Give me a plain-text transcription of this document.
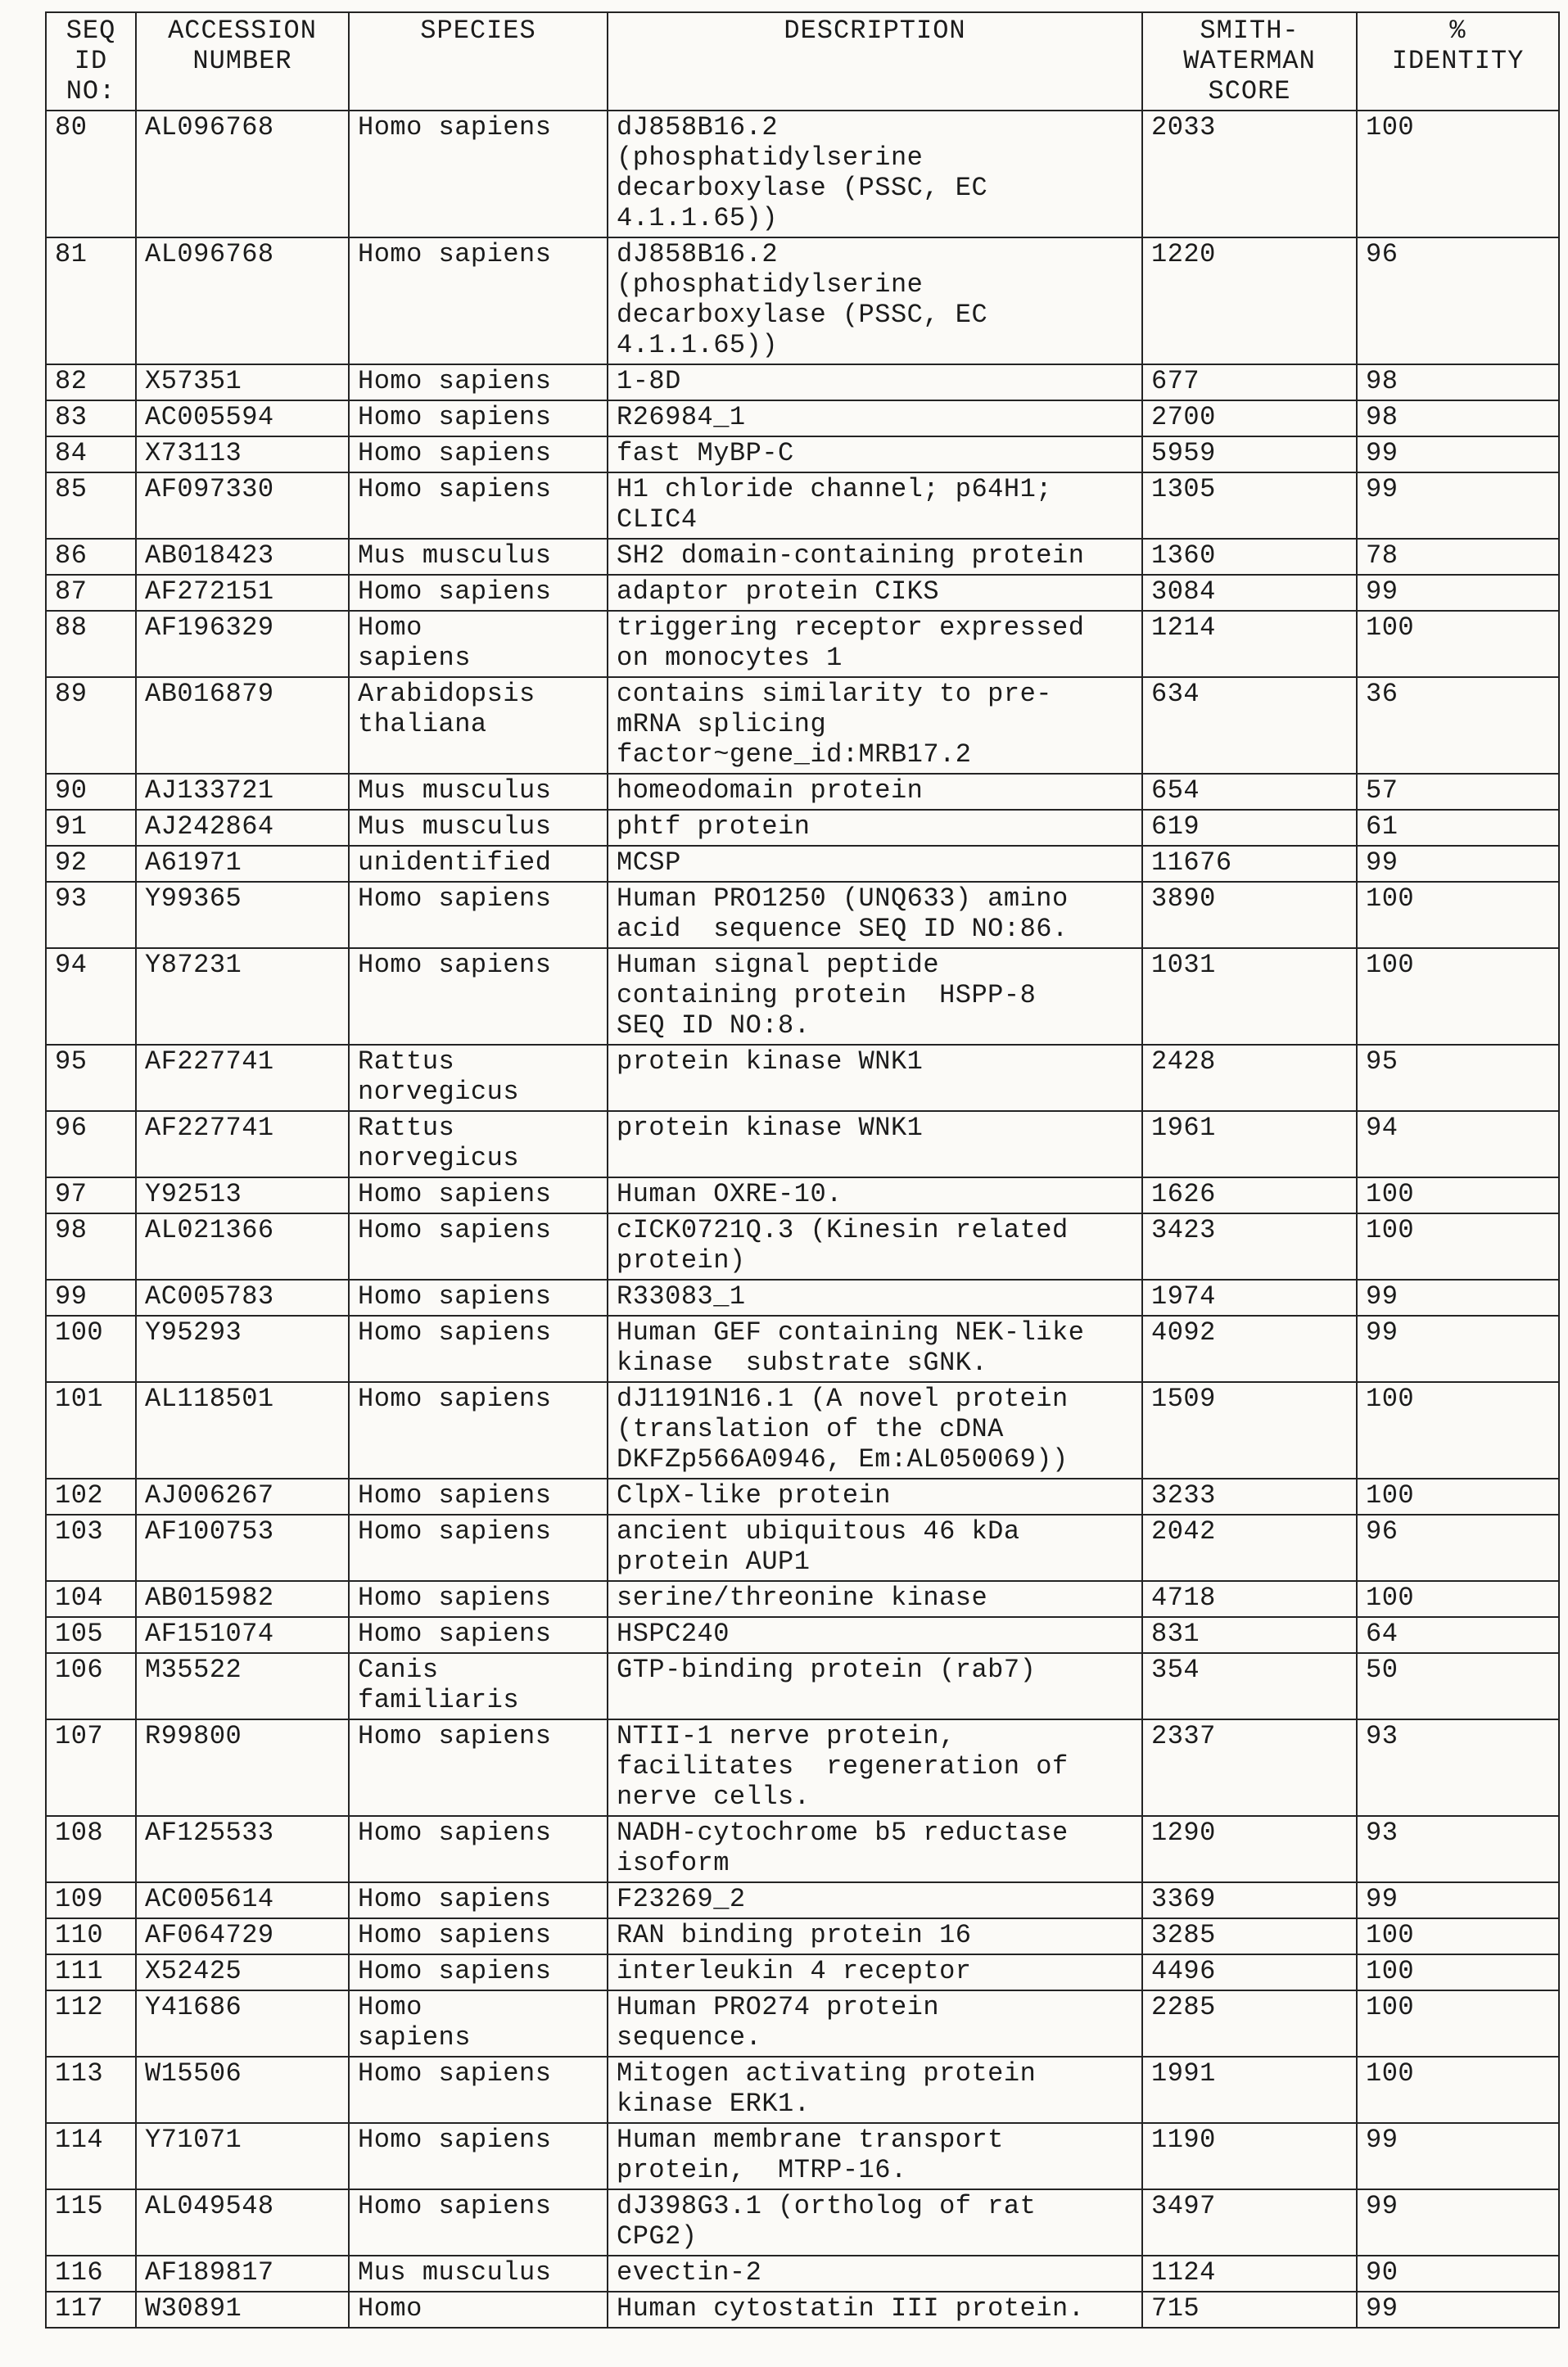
SEQ
ID
NO:	ACCESSION
NUMBER	SPECIES	DESCRIPTION	SMITH-
WATERMAN
SCORE	%
IDENTITY
80	AL096768	Homo sapiens	dJ858B16.2
(phosphatidylserine
decarboxylase (PSSC, EC
4.1.1.65))	2033	100
81	AL096768	Homo sapiens	dJ858B16.2
(phosphatidylserine
decarboxylase (PSSC, EC
4.1.1.65))	1220	96
82	X57351	Homo sapiens	1-8D	677	98
83	AC005594	Homo sapiens	R26984_1	2700	98
84	X73113	Homo sapiens	fast MyBP-C	5959	99
85	AF097330	Homo sapiens	H1 chloride channel; p64H1;
CLIC4	1305	99
86	AB018423	Mus musculus	SH2 domain-containing protein	1360	78
87	AF272151	Homo sapiens	adaptor protein CIKS	3084	99
88	AF196329	Homo
sapiens	triggering receptor expressed
on monocytes 1	1214	100
89	AB016879	Arabidopsis
thaliana	contains similarity to pre-
mRNA splicing
factor~gene_id:MRB17.2	634	36
90	AJ133721	Mus musculus	homeodomain protein	654	57
91	AJ242864	Mus musculus	phtf protein	619	61
92	A61971	unidentified	MCSP	11676	99
93	Y99365	Homo sapiens	Human PRO1250 (UNQ633) amino
acid  sequence SEQ ID NO:86.	3890	100
94	Y87231	Homo sapiens	Human signal peptide
containing protein  HSPP-8
SEQ ID NO:8.	1031	100
95	AF227741	Rattus
norvegicus	protein kinase WNK1	2428	95
96	AF227741	Rattus
norvegicus	protein kinase WNK1	1961	94
97	Y92513	Homo sapiens	Human OXRE-10.	1626	100
98	AL021366	Homo sapiens	cICK0721Q.3 (Kinesin related
protein)	3423	100
99	AC005783	Homo sapiens	R33083_1	1974	99
100	Y95293	Homo sapiens	Human GEF containing NEK-like
kinase  substrate sGNK.	4092	99
101	AL118501	Homo sapiens	dJ1191N16.1 (A novel protein
(translation of the cDNA
DKFZp566A0946, Em:AL050069))	1509	100
102	AJ006267	Homo sapiens	ClpX-like protein	3233	100
103	AF100753	Homo sapiens	ancient ubiquitous 46 kDa
protein AUP1	2042	96
104	AB015982	Homo sapiens	serine/threonine kinase	4718	100
105	AF151074	Homo sapiens	HSPC240	831	64
106	M35522	Canis
familiaris	GTP-binding protein (rab7)	354	50
107	R99800	Homo sapiens	NTII-1 nerve protein,
facilitates  regeneration of
nerve cells.	2337	93
108	AF125533	Homo sapiens	NADH-cytochrome b5 reductase
isoform	1290	93
109	AC005614	Homo sapiens	F23269_2	3369	99
110	AF064729	Homo sapiens	RAN binding protein 16	3285	100
111	X52425	Homo sapiens	interleukin 4 receptor	4496	100
112	Y41686	Homo
sapiens	Human PRO274 protein
sequence.	2285	100
113	W15506	Homo sapiens	Mitogen activating protein
kinase ERK1.	1991	100
114	Y71071	Homo sapiens	Human membrane transport
protein,  MTRP-16.	1190	99
115	AL049548	Homo sapiens	dJ398G3.1 (ortholog of rat
CPG2)	3497	99
116	AF189817	Mus musculus	evectin-2	1124	90
117	W30891	Homo	Human cytostatin III protein.	715	99
